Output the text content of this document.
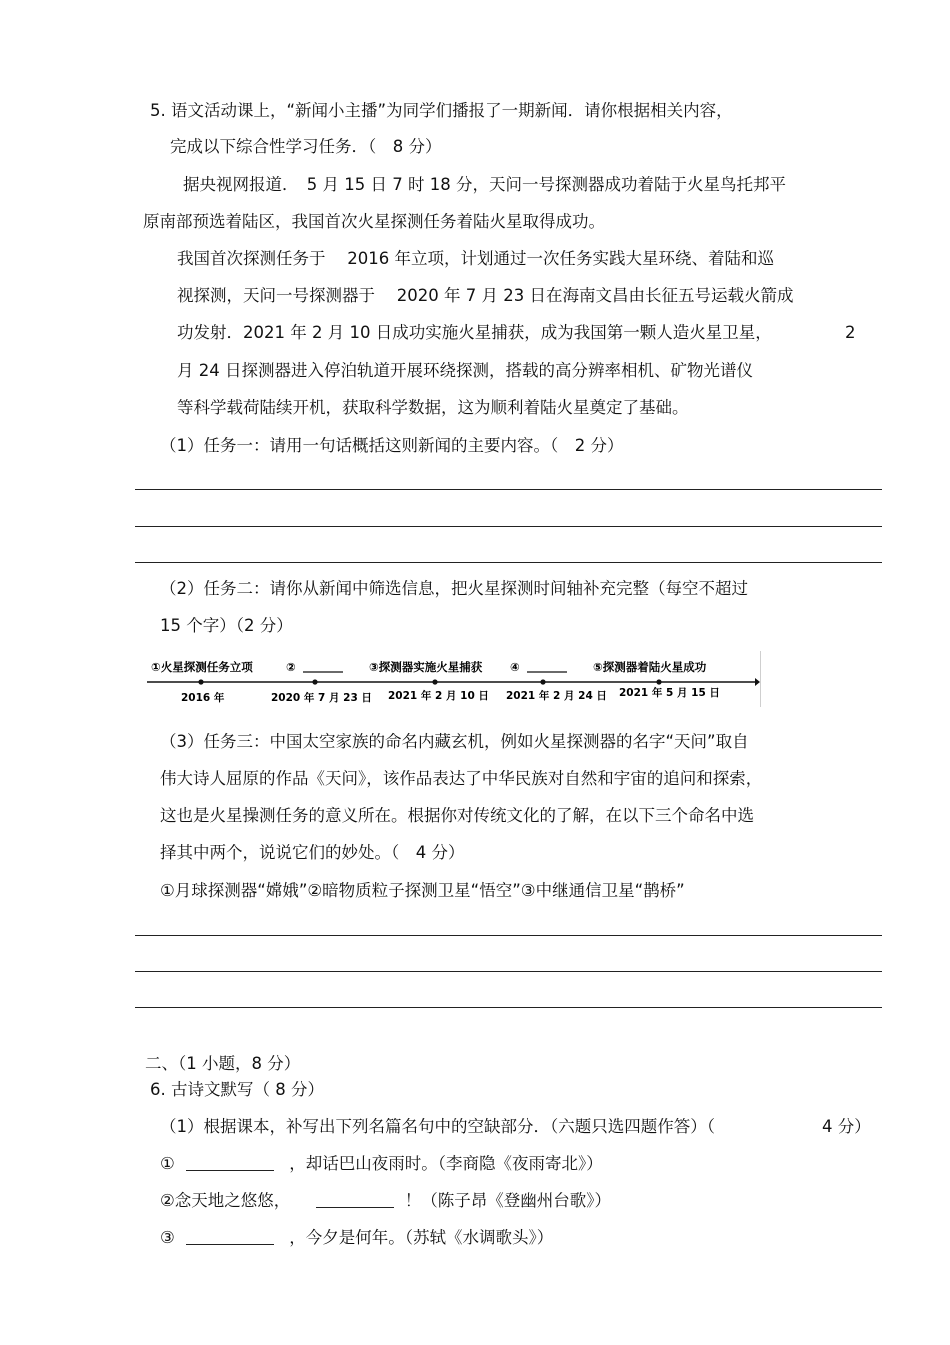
5. 语文活动课上，“新闻小主播”为同学们播报了一期新闻．请你根据相关内容，
完成以下综合性学习任务．（　8 分）
据央视网报道．　5 月 15 日 7 时 18 分，天问一号探测器成功着陆于火星鸟托邦平
原南部预选着陆区，我国首次火星探测任务着陆火星取得成功。
我国首次探测任务于　 2016 年立项，计划通过一次任务实践大星环绕、着陆和巡
视探测，天问一号探测器于　 2020 年 7 月 23 日在海南文昌由长征五号运载火箭成
功发射．2021 年 2 月 10 日成功实施火星捕获，成为我国第一颗人造火星卫星，	2
月 24 日探测器进入停泊轨道开展环绕探测，搭载的高分辨率相机、矿物光谱仪
等科学载荷陆续开机，获取科学数据，这为顺利着陆火星奠定了基础。
（1）任务一：请用一句话概括这则新闻的主要内容。（　2 分）
（2）任务二：请你从新闻中筛选信息，把火星探测时间轴补充完整（每空不超过
15 个字）（2 分）
①火星探测任务立项	②	③探测器实施火星捕获 ④	⑤探测器着陆火星成功
2016 年	2020 年 7 月 23 日 2021 年 2 月 10 日 2021 年 2 月 24 日 2021 年 5 月 15 日
（3）任务三：中国太空家族的命名内藏玄机，例如火星探测器的名字“天问”取自
伟大诗人屈原的作品《天问》，该作品表达了中华民族对自然和宇宙的追问和探索，
这也是火星操测任务的意义所在。根据你对传统文化的了解，在以下三个命名中选
择其中两个，说说它们的妙处。（　4 分）
①月球探测器“嫦娥”②暗物质粒子探测卫星“悟空”③中继通信卫星“鹊桥”
二、（1 小题，8 分）
6. 古诗文默写（ 8 分）
（1）根据课本，补写出下列名篇名句中的空缺部分．（六题只选四题作答）（	4 分）
①	，却话巴山夜雨时。（李商隐《夜雨寄北》）
②念天地之悠悠，	！（陈子昂《登幽州台歌》）
③	，今夕是何年。（苏轼《水调歌头》）
